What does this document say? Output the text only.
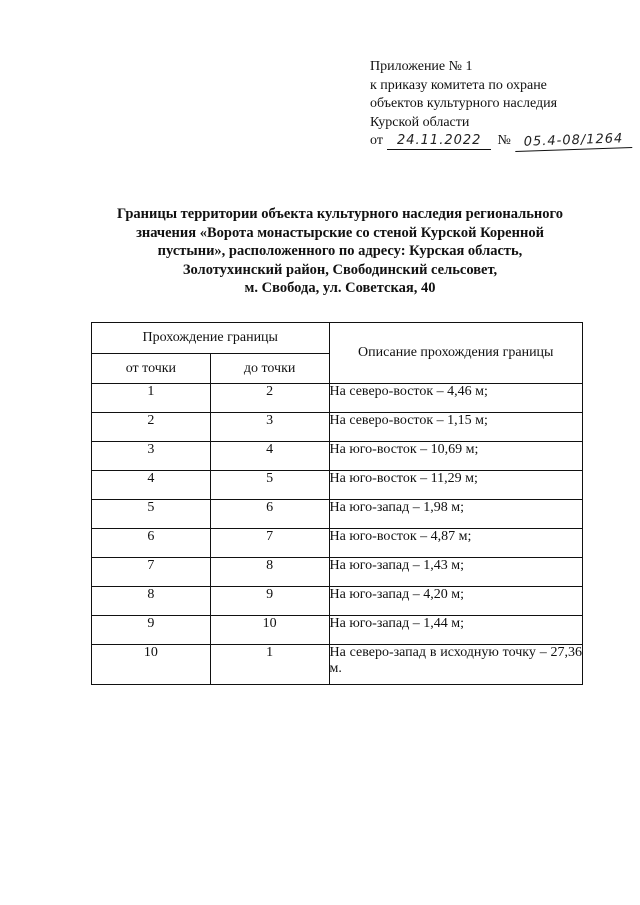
Приложение № 1
к приказу комитета по охране
объектов культурного наследия
Курской области
от	24.11.2022	№ 05.4-08/1264
Границы территории объекта культурного наследия регионального
значения «Ворота монастырские со стеной Курской Коренной
пустыни», расположенного по адресу: Курская область,
Золотухинский район, Свободинский сельсовет,
м. Свобода, ул. Советская, 40
Прохождение границы		Описание прохождения границы
от точки	до точки	
1	2	На северо-восток – 4,46 м;
2	3	На северо-восток – 1,15 м;
3	4	На юго-восток – 10,69 м;
4	5	На юго-восток – 11,29 м;
5	6	На юго-запад – 1,98 м;
6	7	На юго-восток – 4,87 м;
7	8	На юго-запад – 1,43 м;
8	9	На юго-запад – 4,20 м;
9	10	На юго-запад – 1,44 м;
10	1	На северо-запад в исходную точку – 27,36 м.
